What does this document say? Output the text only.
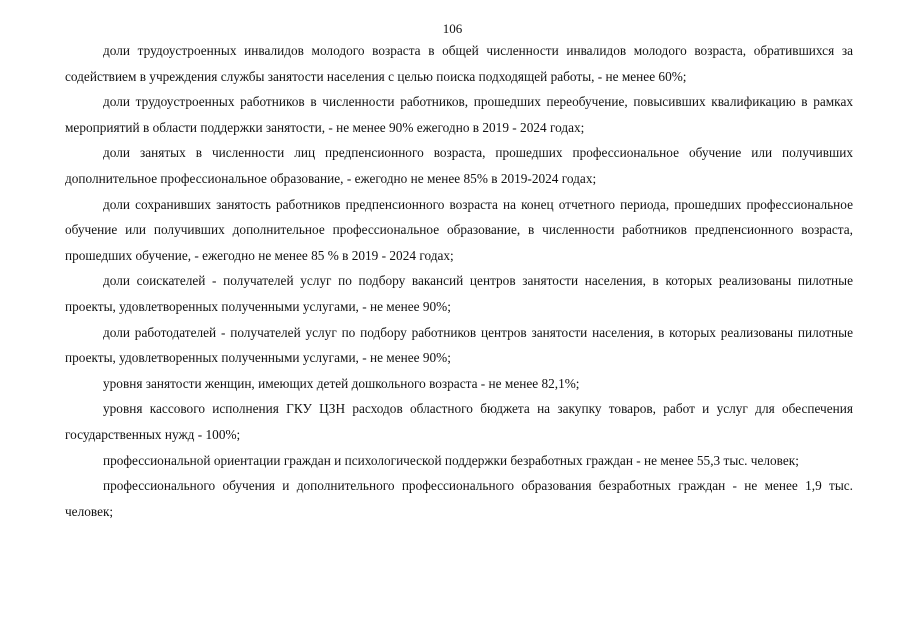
106

доли трудоустроенных инвалидов молодого возраста в общей численности инвалидов молодого возраста, обратившихся за содействием в учреждения службы занятости населения с целью поиска подходящей работы, - не менее 60%;

доли трудоустроенных работников в численности работников, прошедших переобучение, повысивших квалификацию в рамках мероприятий в области поддержки занятости, - не менее 90% ежегодно в 2019 - 2024 годах;

доли занятых в численности лиц предпенсионного возраста, прошедших профессиональное обучение или получивших дополнительное профессиональное образование, - ежегодно не менее 85% в 2019-2024 годах;

доли сохранивших занятость работников предпенсионного возраста на конец отчетного периода, прошедших профессиональное обучение или получивших дополнительное профессиональное образование, в численности работников предпенсионного возраста, прошедших обучение, - ежегодно не менее 85 % в 2019 - 2024 годах;

доли соискателей - получателей услуг по подбору вакансий центров занятости населения, в которых реализованы пилотные проекты, удовлетворенных полученными услугами, - не менее 90%;

доли работодателей - получателей услуг по подбору работников центров занятости населения, в которых реализованы пилотные проекты, удовлетворенных полученными услугами, - не менее 90%;

уровня занятости женщин, имеющих детей дошкольного возраста - не менее 82,1%;

уровня кассового исполнения ГКУ ЦЗН расходов областного бюджета на закупку товаров, работ и услуг для обеспечения государственных нужд - 100%;

профессиональной ориентации граждан и психологической поддержки безработных граждан - не менее 55,3 тыс. человек;

профессионального обучения и дополнительного профессионального образования безработных граждан - не менее 1,9 тыс. человек;
